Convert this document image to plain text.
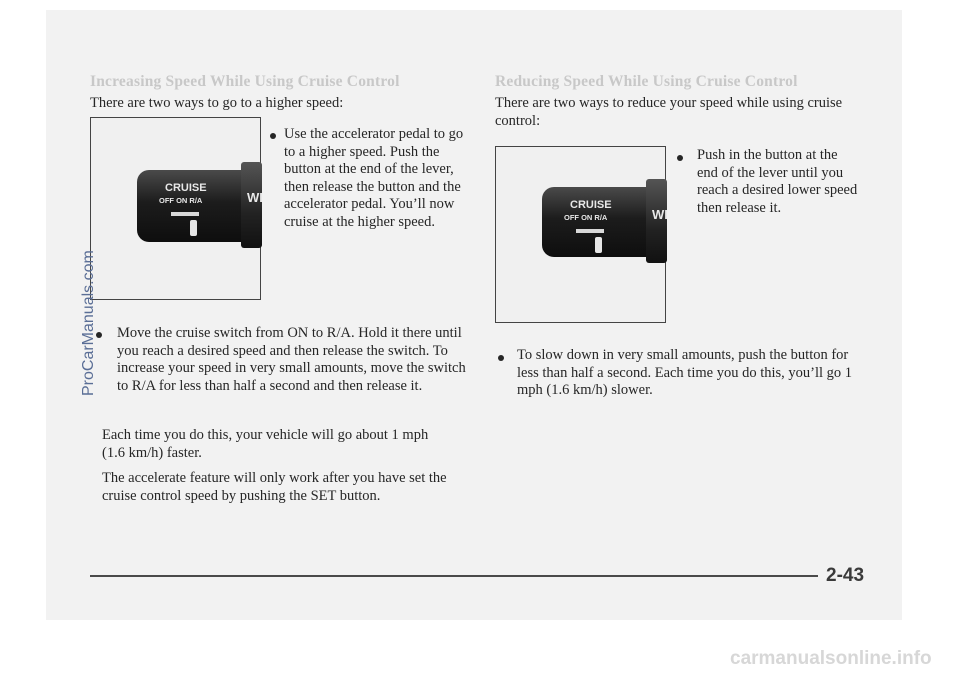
Increasing Speed While Using Cruise Control
There are two ways to go to a higher speed:
CRUISE
OFF ON R/A	WI
Use the accelerator pedal to go to a higher speed. Push the button at the end of the lever, then release the button and the accelerator pedal. You’ll now cruise at the higher speed.
Move the cruise switch from ON to R/A. Hold it there until you reach a desired speed and then release the switch. To increase your speed in very small amounts, move the switch to R/A for less than half a second and then release it.
Each time you do this, your vehicle will go about 1 mph (1.6 km/h) faster.
The accelerate feature will only work after you have set the cruise control speed by pushing the SET button.
Reducing Speed While Using Cruise Control
There are two ways to reduce your speed while using cruise control:
CRUISE
OFF ON R/A	WI
Push in the button at the end of the lever until you reach a desired lower speed then release it.
To slow down in very small amounts, push the button for less than half a second. Each time you do this, you’ll go 1 mph (1.6 km/h) slower.
2-43
ProCarManuals.com
carmanualsonline.info
